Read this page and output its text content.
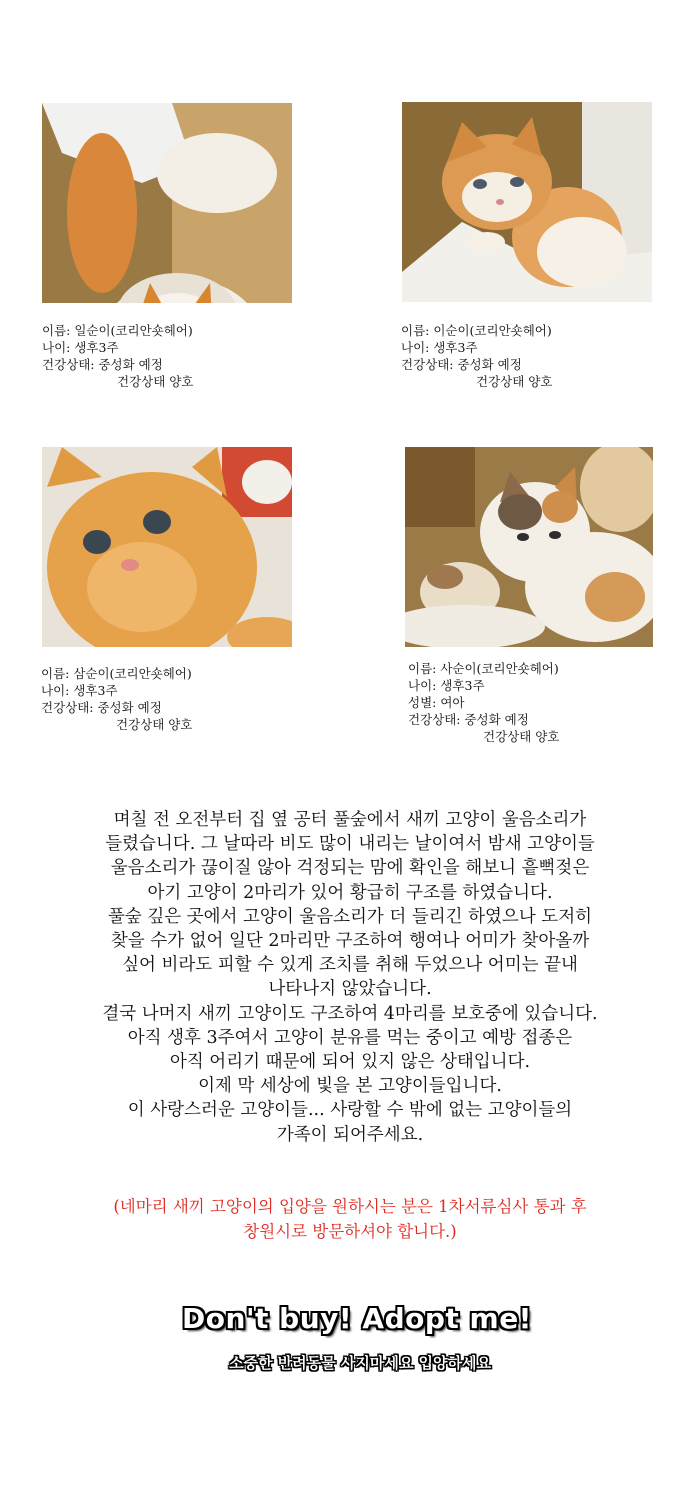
이름: 일순이(코리안숏헤어)
나이: 생후3주
건강상태: 중성화 예정
건강상태 양호
이름: 이순이(코리안숏헤어)
나이: 생후3주
건강상태: 중성화 예정
건강상태 양호
이름: 삼순이(코리안숏헤어)
나이: 생후3주
건강상태: 중성화 예정
건강상태 양호
이름: 사순이(코리안숏헤어)
나이: 생후3주
성별: 여아
건강상태: 중성화 예정
건강상태 양호
며칠 전 오전부터 집 옆 공터 풀숲에서 새끼 고양이 울음소리가
들렸습니다. 그 날따라 비도 많이 내리는 날이여서 밤새 고양이들
울음소리가 끊이질 않아 걱정되는 맘에 확인을 해보니 흩뻑젖은
아기 고양이 2마리가 있어 황급히 구조를 하였습니다.
풀숲 깊은 곳에서 고양이 울음소리가 더 들리긴 하였으나 도저히
찾을 수가 없어 일단 2마리만 구조하여 행여나 어미가 찾아올까
싶어 비라도 피할 수 있게 조치를 취해 두었으나 어미는 끝내
나타나지 않았습니다.
결국 나머지 새끼 고양이도 구조하여 4마리를 보호중에 있습니다.
아직 생후 3주여서 고양이 분유를 먹는 중이고 예방 접종은
아직 어리기 때문에 되어 있지 않은 상태입니다.
이제 막 세상에 빛을 본 고양이들입니다.
이 사랑스러운 고양이들... 사랑할 수 밖에 없는 고양이들의
가족이 되어주세요.
(네마리 새끼 고양이의 입양을 원하시는 분은 1차서류심사 통과 후
창원시로 방문하셔야 합니다.)
Don't buy! Adopt me!
소중한 반려동물 사지마세요 입양하세요
